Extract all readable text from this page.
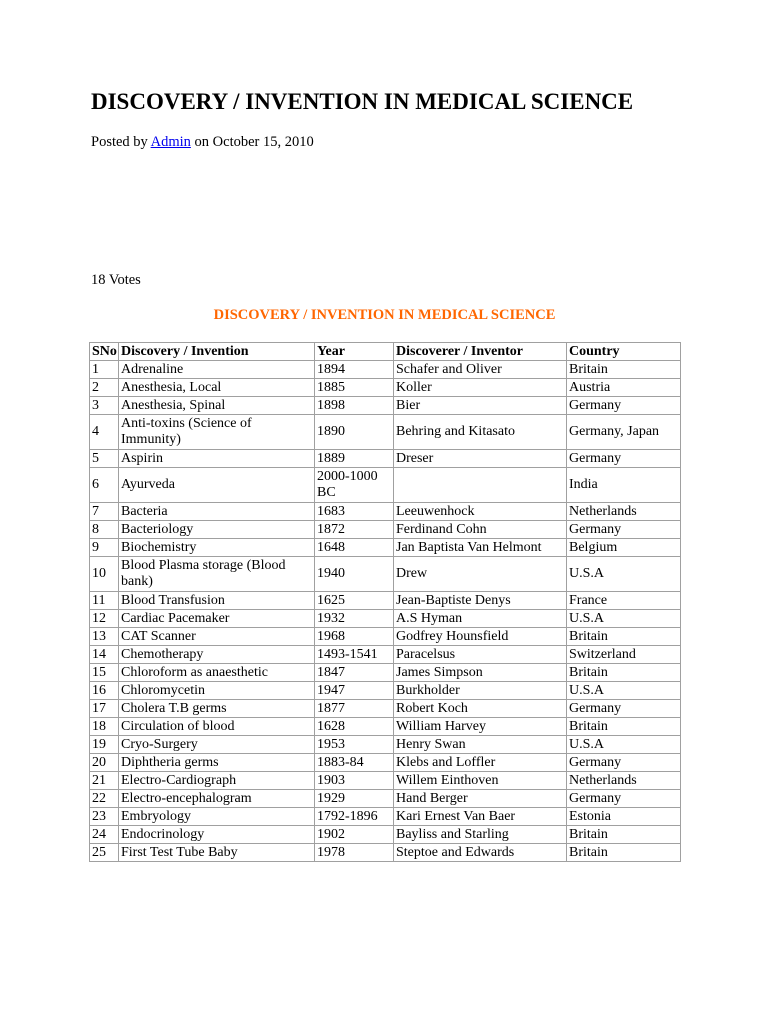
DISCOVERY / INVENTION IN MEDICAL SCIENCE
Posted by Admin on October 15, 2010
18 Votes
DISCOVERY / INVENTION IN MEDICAL SCIENCE
SNo	Discovery / Invention	Year	Discoverer / Inventor	Country
1	Adrenaline	1894	Schafer and Oliver	Britain
2	Anesthesia, Local	1885	Koller	Austria
3	Anesthesia, Spinal	1898	Bier	Germany
4	Anti-toxins (Science of Immunity)	1890	Behring and Kitasato	Germany, Japan
5	Aspirin	1889	Dreser	Germany
6	Ayurveda	2000-1000 BC		India
7	Bacteria	1683	Leeuwenhock	Netherlands
8	Bacteriology	1872	Ferdinand Cohn	Germany
9	Biochemistry	1648	Jan Baptista Van Helmont	Belgium
10	Blood Plasma storage (Blood bank)	1940	Drew	U.S.A
11	Blood Transfusion	1625	Jean-Baptiste Denys	France
12	Cardiac Pacemaker	1932	A.S Hyman	U.S.A
13	CAT Scanner	1968	Godfrey Hounsfield	Britain
14	Chemotherapy	1493-1541	Paracelsus	Switzerland
15	Chloroform as anaesthetic	1847	James Simpson	Britain
16	Chloromycetin	1947	Burkholder	U.S.A
17	Cholera T.B germs	1877	Robert Koch	Germany
18	Circulation of blood	1628	William Harvey	Britain
19	Cryo-Surgery	1953	Henry Swan	U.S.A
20	Diphtheria germs	1883-84	Klebs and Loffler	Germany
21	Electro-Cardiograph	1903	Willem Einthoven	Netherlands
22	Electro-encephalogram	1929	Hand Berger	Germany
23	Embryology	1792-1896	Kari Ernest Van Baer	Estonia
24	Endocrinology	1902	Bayliss and Starling	Britain
25	First Test Tube Baby	1978	Steptoe and Edwards	Britain
